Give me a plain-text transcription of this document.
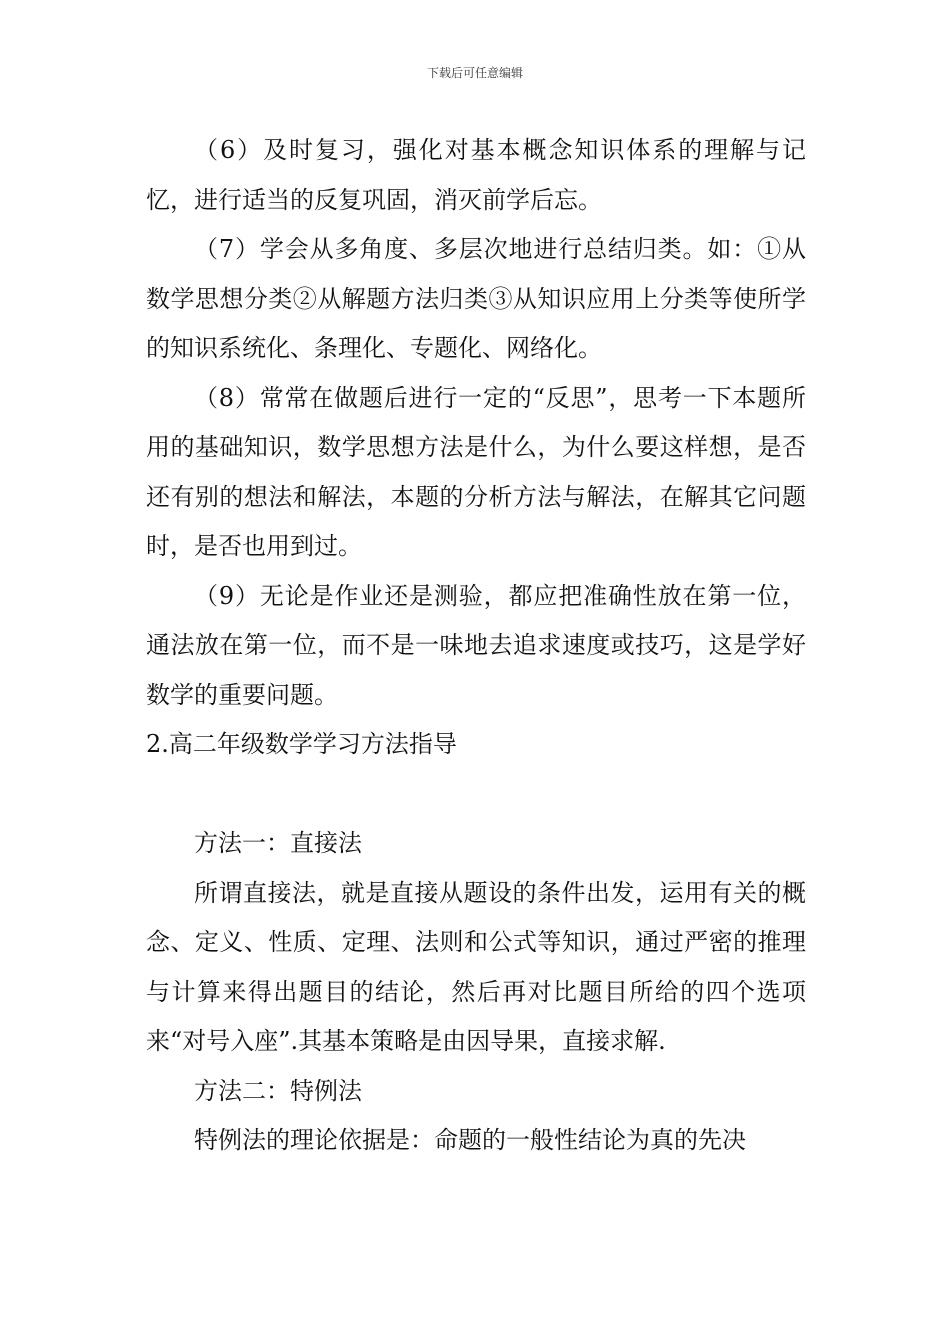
下载后可任意编辑

（6）及时复习，强化对基本概念知识体系的理解与记忆，进行适当的反复巩固，消灭前学后忘。

（7）学会从多角度、多层次地进行总结归类。如：①从数学思想分类②从解题方法归类③从知识应用上分类等使所学的知识系统化、条理化、专题化、网络化。

（8）常常在做题后进行一定的“反思”，思考一下本题所用的基础知识，数学思想方法是什么，为什么要这样想，是否还有别的想法和解法，本题的分析方法与解法，在解其它问题时，是否也用到过。

（9）无论是作业还是测验，都应把准确性放在第一位，通法放在第一位，而不是一味地去追求速度或技巧，这是学好数学的重要问题。

2.高二年级数学学习方法指导

方法一：直接法

所谓直接法，就是直接从题设的条件出发，运用有关的概念、定义、性质、定理、法则和公式等知识，通过严密的推理与计算来得出题目的结论，然后再对比题目所给的四个选项来“对号入座”.其基本策略是由因导果，直接求解.

方法二：特例法

特例法的理论依据是：命题的一般性结论为真的先决
